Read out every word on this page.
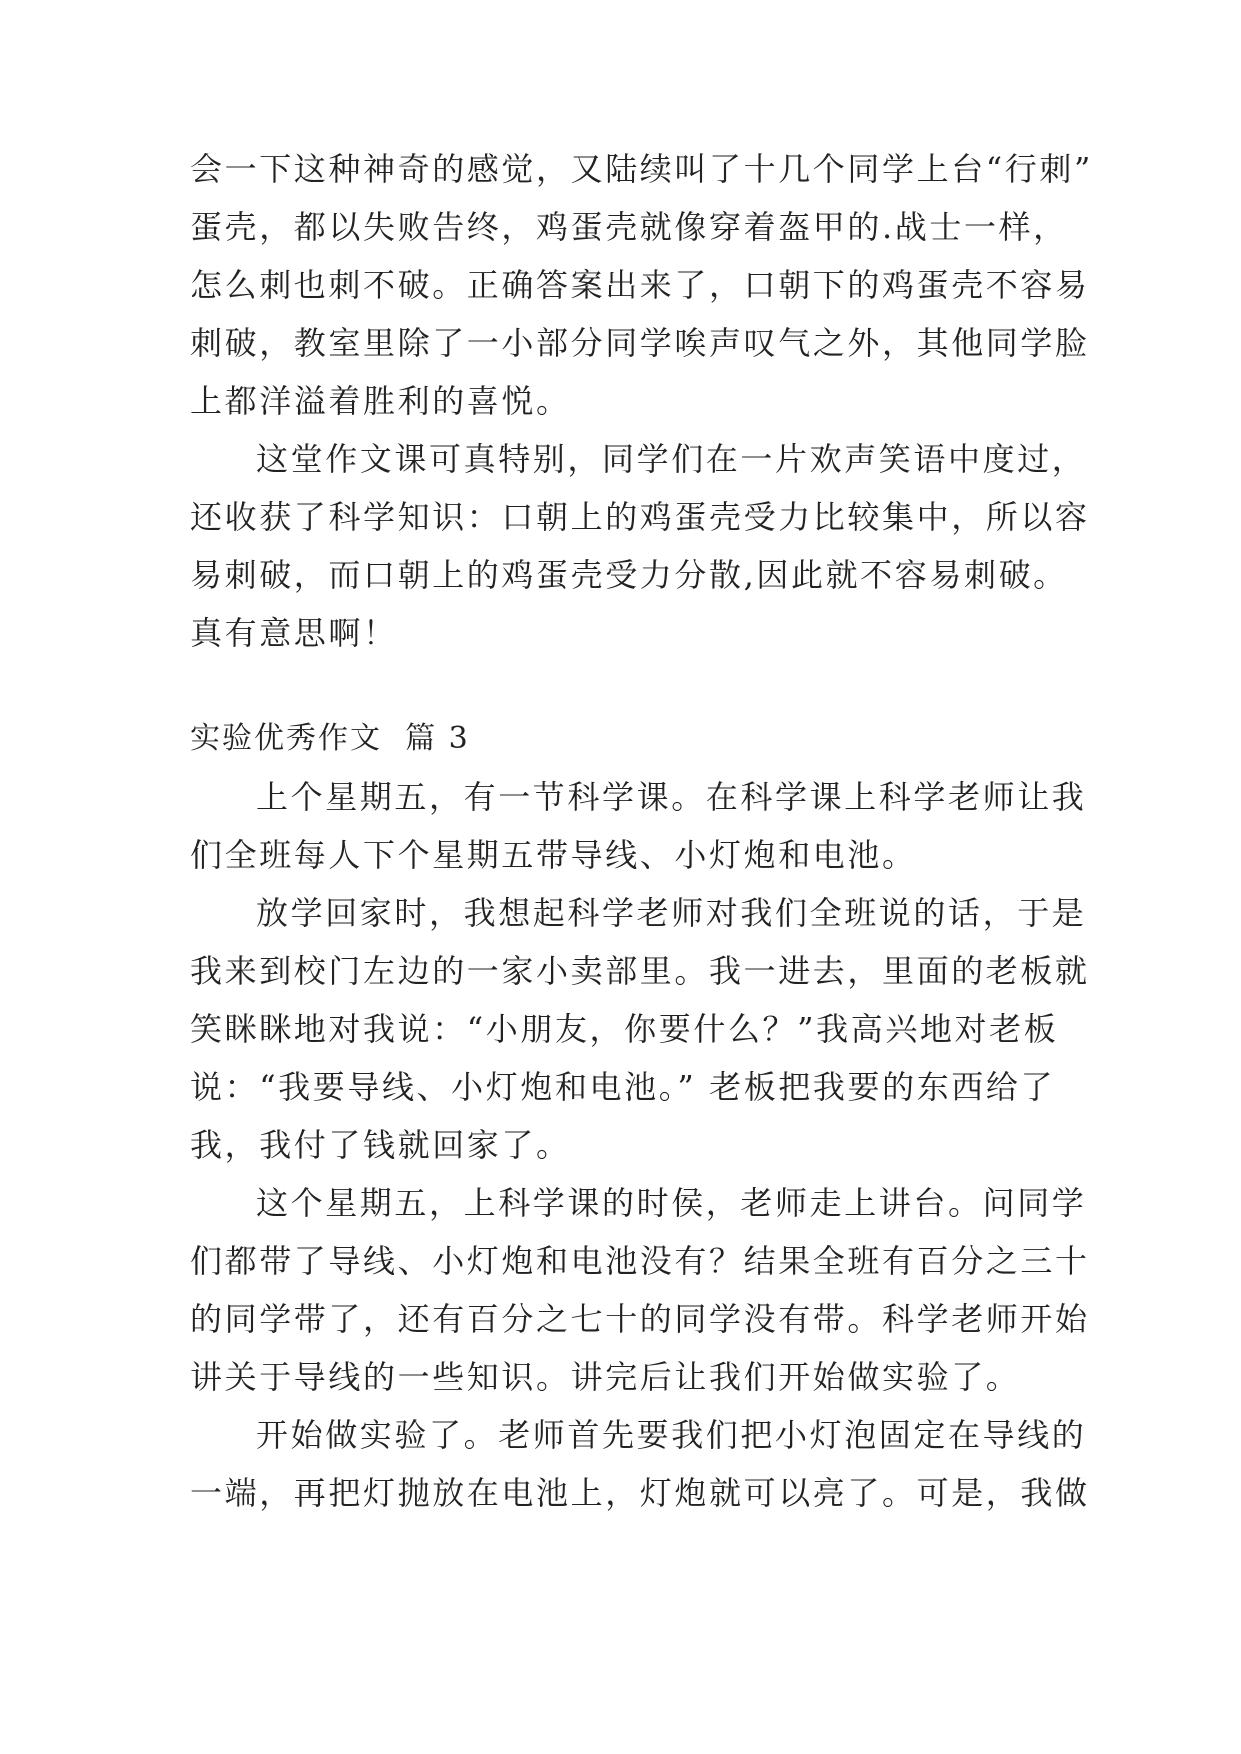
会一下这种神奇的感觉，又陆续叫了十几个同学上台“行刺”
蛋壳，都以失败告终，鸡蛋壳就像穿着盔甲的.战士一样，
怎么刺也刺不破。正确答案出来了，口朝下的鸡蛋壳不容易
刺破，教室里除了一小部分同学唉声叹气之外，其他同学脸
上都洋溢着胜利的喜悦。
这堂作文课可真特别，同学们在一片欢声笑语中度过，
还收获了科学知识：口朝上的鸡蛋壳受力比较集中，所以容
易刺破，而口朝上的鸡蛋壳受力分散,因此就不容易刺破。
真有意思啊！
实验优秀作文  篇 3
上个星期五，有一节科学课。在科学课上科学老师让我
们全班每人下个星期五带导线、小灯炮和电池。
放学回家时，我想起科学老师对我们全班说的话，于是
我来到校门左边的一家小卖部里。我一进去，里面的老板就
笑眯眯地对我说：“小朋友，你要什么？”我高兴地对老板
说：“我要导线、小灯炮和电池。” 老板把我要的东西给了
我，我付了钱就回家了。
这个星期五，上科学课的时侯，老师走上讲台。问同学
们都带了导线、小灯炮和电池没有？结果全班有百分之三十
的同学带了，还有百分之七十的同学没有带。科学老师开始
讲关于导线的一些知识。讲完后让我们开始做实验了。
开始做实验了。老师首先要我们把小灯泡固定在导线的
一端，再把灯抛放在电池上，灯炮就可以亮了。可是，我做
